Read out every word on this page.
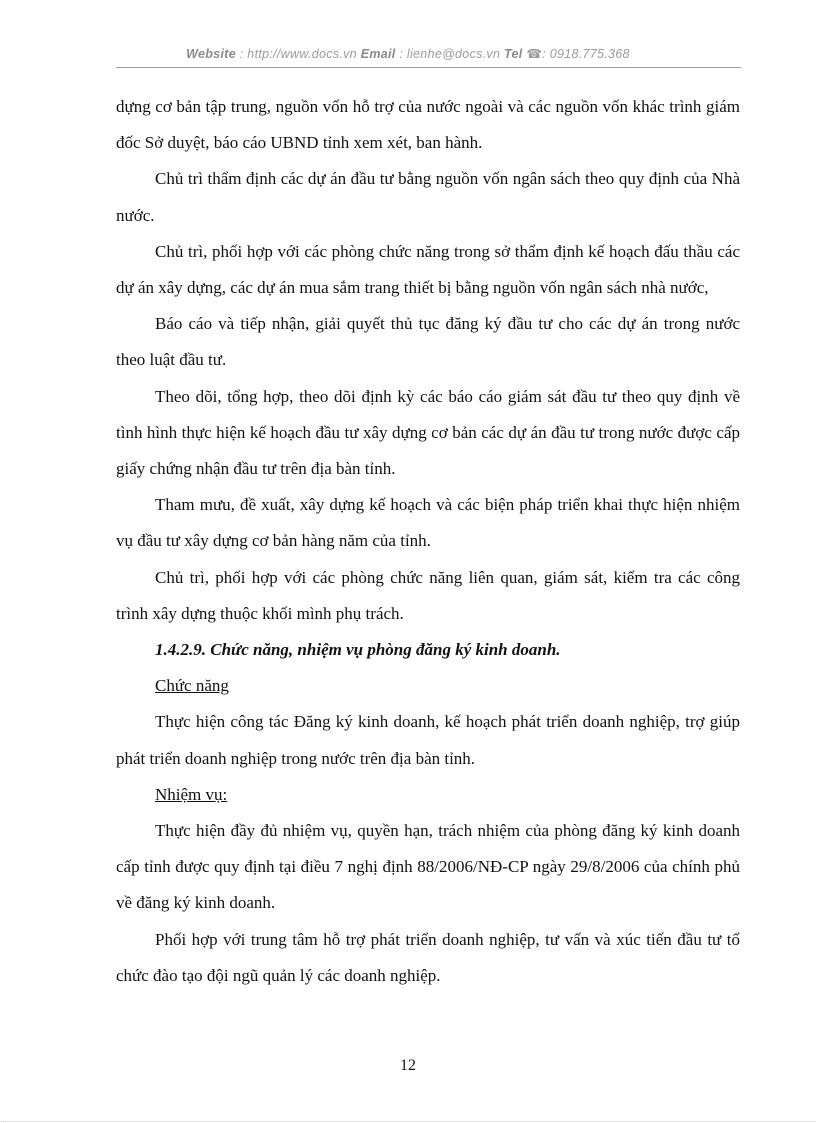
Website : http://www.docs.vn Email : lienhe@docs.vn Tel ☎: 0918.775.368

dựng cơ bản tập trung, nguồn vốn hỗ trợ của nước ngoài và các nguồn vốn khác trình giám đốc Sở duyệt, báo cáo UBND tỉnh xem xét, ban hành.

Chủ trì thẩm định các dự án đầu tư bằng nguồn vốn ngân sách theo quy định của Nhà nước.

Chủ trì, phối hợp với các phòng chức năng trong sở thẩm định kế hoạch đấu thầu các dự án xây dựng, các dự án mua sắm trang thiết bị bằng nguồn vốn ngân sách nhà nước,

Báo cáo và tiếp nhận, giải quyết thủ tục đăng ký đầu tư cho các dự án trong nước theo luật đầu tư.

Theo dõi, tổng hợp, theo dõi định kỳ các báo cáo giám sát đầu tư theo quy định về tình hình thực hiện kế hoạch đầu tư xây dựng cơ bản các dự án đầu tư trong nước được cấp giấy chứng nhận đầu tư trên địa bàn tỉnh.

Tham mưu, đề xuất, xây dựng kế hoạch và các biện pháp triển khai thực hiện nhiệm vụ đầu tư xây dựng cơ bản hàng năm của tỉnh.

Chủ trì, phối hợp với các phòng chức năng liên quan, giám sát, kiểm tra các công trình xây dựng thuộc khối mình phụ trách.

1.4.2.9. Chức năng, nhiệm vụ phòng đăng ký kinh doanh.

Chức năng

Thực hiện công tác Đăng ký kinh doanh, kế hoạch phát triển doanh nghiệp, trợ giúp phát triển doanh nghiệp trong nước trên địa bàn tỉnh.

Nhiệm vụ:

Thực hiện đầy đủ nhiệm vụ, quyền hạn, trách nhiệm của phòng đăng ký kinh doanh cấp tỉnh được quy định tại điều 7 nghị định 88/2006/NĐ-CP ngày 29/8/2006 của chính phủ về đăng ký kinh doanh.

Phối hợp với trung tâm hỗ trợ phát triển doanh nghiệp, tư vấn và xúc tiến đầu tư tổ chức đào tạo đội ngũ quản lý các doanh nghiệp.

12
